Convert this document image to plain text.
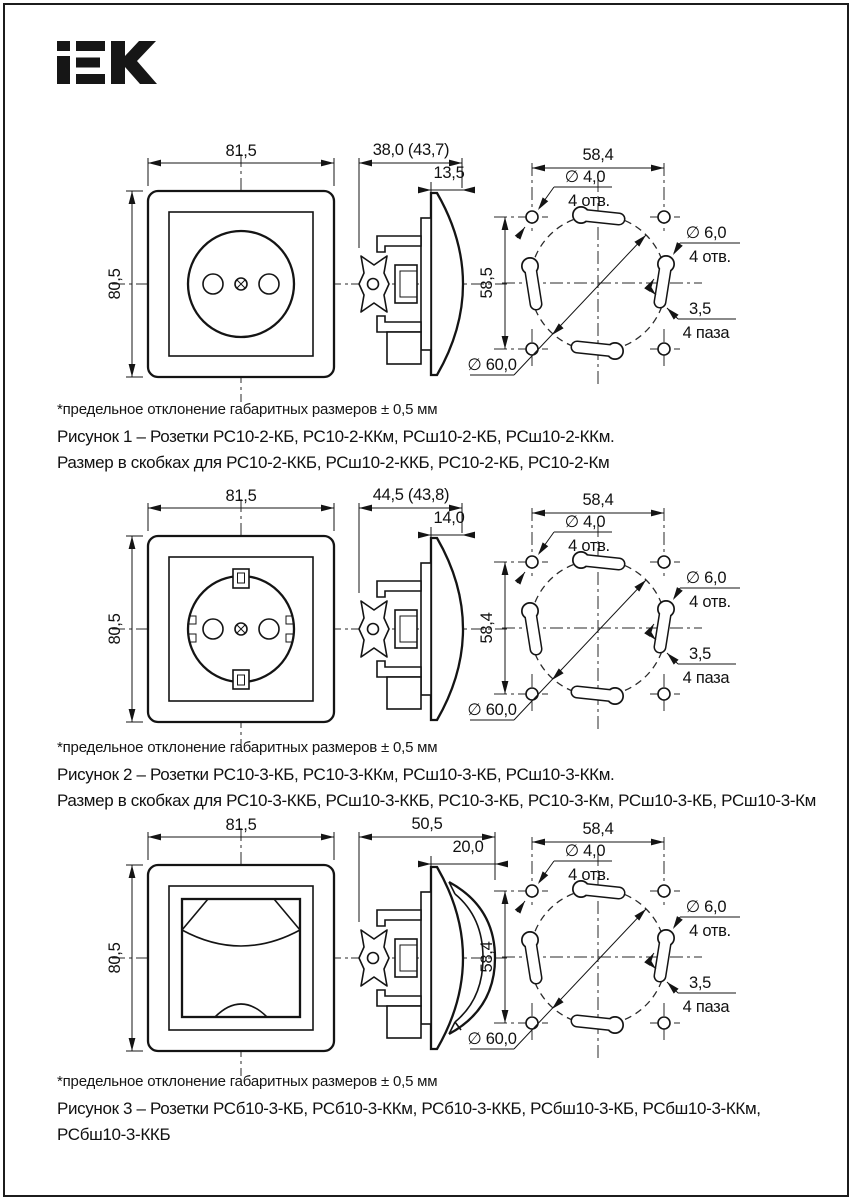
81,5
80,5
38,0 (43,7)
13,5
58,4
58,5
∅ 4,0
4 отв.
∅ 6,0
4 отв.
3,5
4 паза
∅ 60,0
*предельное отклонение габаритных размеров ± 0,5 мм
Рисунок 1 – Розетки РС10-2-КБ, РС10-2-ККм, РСш10-2-КБ, РСш10-2-ККм.
Размер в скобках для РС10-2-ККБ, РСш10-2-ККБ, РС10-2-КБ, РС10-2-Км
81,5
80,5
44,5 (43,8)
14,0
58,4
58,4
∅ 4,0
4 отв.
∅ 6,0
4 отв.
3,5
4 паза
∅ 60,0
*предельное отклонение габаритных размеров ± 0,5 мм
Рисунок 2 – Розетки РС10-3-КБ, РС10-3-ККм, РСш10-3-КБ, РСш10-3-ККм.
Размер в скобках для РС10-3-ККБ, РСш10-3-ККБ, РС10-3-КБ, РС10-3-Км, РСш10-3-КБ, РСш10-3-Км
81,5
80,5
50,5
20,0
58,4
58,4
∅ 4,0
4 отв.
∅ 6,0
4 отв.
3,5
4 паза
∅ 60,0
*предельное отклонение габаритных размеров ± 0,5 мм
Рисунок 3 – Розетки РСб10-3-КБ, РСб10-3-ККм, РСб10-3-ККБ, РСбш10-3-КБ, РСбш10-3-ККм,
РСбш10-3-ККБ
